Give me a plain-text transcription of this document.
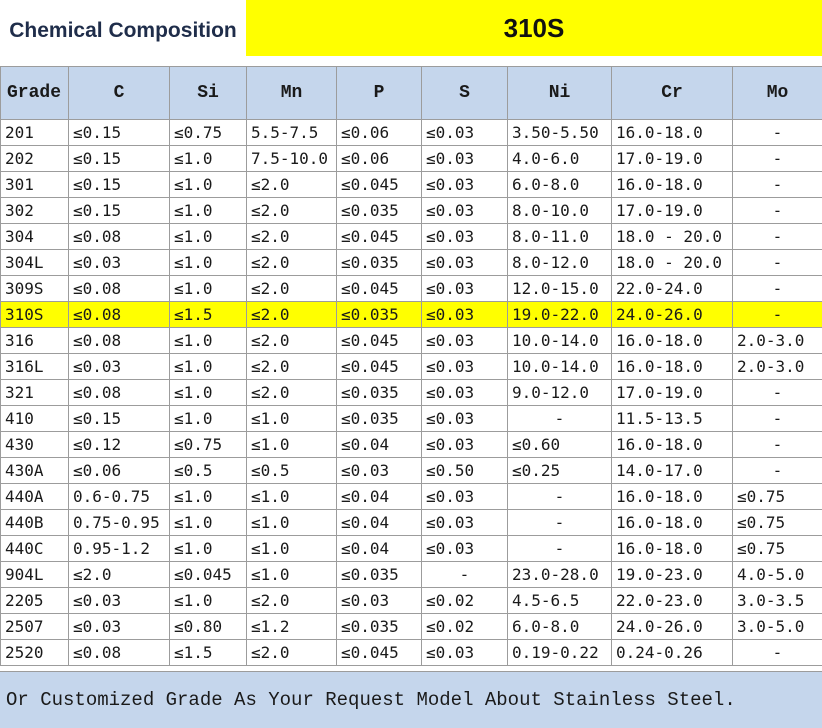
Chemical Composition	310S
Grade	C	Si	Mn	P	S	Ni	Cr	Mo
201	≤0.15	≤0.75	5.5-7.5	≤0.06	≤0.03	3.50-5.50	16.0-18.0	-
202	≤0.15	≤1.0	7.5-10.0	≤0.06	≤0.03	4.0-6.0	17.0-19.0	-
301	≤0.15	≤1.0	≤2.0	≤0.045	≤0.03	6.0-8.0	16.0-18.0	-
302	≤0.15	≤1.0	≤2.0	≤0.035	≤0.03	8.0-10.0	17.0-19.0	-
304	≤0.08	≤1.0	≤2.0	≤0.045	≤0.03	8.0-11.0	18.0 - 20.0	-
304L	≤0.03	≤1.0	≤2.0	≤0.035	≤0.03	8.0-12.0	18.0 - 20.0	-
309S	≤0.08	≤1.0	≤2.0	≤0.045	≤0.03	12.0-15.0	22.0-24.0	-
310S	≤0.08	≤1.5	≤2.0	≤0.035	≤0.03	19.0-22.0	24.0-26.0	-
316	≤0.08	≤1.0	≤2.0	≤0.045	≤0.03	10.0-14.0	16.0-18.0	2.0-3.0
316L	≤0.03	≤1.0	≤2.0	≤0.045	≤0.03	10.0-14.0	16.0-18.0	2.0-3.0
321	≤0.08	≤1.0	≤2.0	≤0.035	≤0.03	9.0-12.0	17.0-19.0	-
410	≤0.15	≤1.0	≤1.0	≤0.035	≤0.03	-	11.5-13.5	-
430	≤0.12	≤0.75	≤1.0	≤0.04	≤0.03	≤0.60	16.0-18.0	-
430A	≤0.06	≤0.5	≤0.5	≤0.03	≤0.50	≤0.25	14.0-17.0	-
440A	0.6-0.75	≤1.0	≤1.0	≤0.04	≤0.03	-	16.0-18.0	≤0.75
440B	0.75-0.95	≤1.0	≤1.0	≤0.04	≤0.03	-	16.0-18.0	≤0.75
440C	0.95-1.2	≤1.0	≤1.0	≤0.04	≤0.03	-	16.0-18.0	≤0.75
904L	≤2.0	≤0.045	≤1.0	≤0.035	-	23.0-28.0	19.0-23.0	4.0-5.0
2205	≤0.03	≤1.0	≤2.0	≤0.03	≤0.02	4.5-6.5	22.0-23.0	3.0-3.5
2507	≤0.03	≤0.80	≤1.2	≤0.035	≤0.02	6.0-8.0	24.0-26.0	3.0-5.0
2520	≤0.08	≤1.5	≤2.0	≤0.045	≤0.03	0.19-0.22	0.24-0.26	-
Or Customized Grade As Your Request Model About Stainless Steel.
